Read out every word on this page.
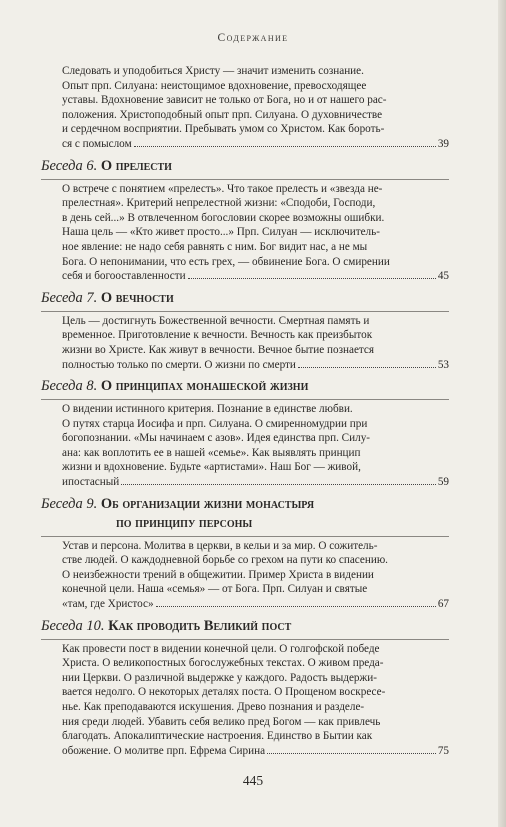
Содержание
Следовать и уподобиться Христу — значит изменить сознание.
Опыт прп. Силуана: неистощимое вдохновение, превосходящее
уставы. Вдохновение зависит не только от Бога, но и от нашего рас-
положения. Христоподобный опыт прп. Силуана. О духовничестве
и сердечном восприятии. Пребывать умом со Христом. Как бороть-
ся с помыслом	39
Беседа 6. О прелести
О встрече с понятием «прелесть». Что такое прелесть и «звезда не-
прелестная». Критерий непрелестной жизни: «Сподоби, Господи,
в день сей...» В отвлеченном богословии скорее возможны ошибки.
Наша цель — «Кто живет просто...» Прп. Силуан — исключитель-
ное явление: не надо себя равнять с ним. Бог видит нас, а не мы
Бога. О непонимании, что есть грех, — обвинение Бога. О смирении
себя и богооставленности	45
Беседа 7. О вечности
Цель — достигнуть Божественной вечности. Смертная память и
временное. Приготовление к вечности. Вечность как преизбыток
жизни во Христе. Как живут в вечности. Вечное бытие познается
полностью только по смерти. О жизни по смерти	53
Беседа 8. О принципах монашеской жизни
О видении истинного критерия. Познание в единстве любви.
О путях старца Иосифа и прп. Силуана. О смиренномудрии при
богопознании. «Мы начинаем с азов». Идея единства прп. Силу-
ана: как воплотить ее в нашей «семье». Как выявлять принцип
жизни и вдохновение. Будьте «артистами». Наш Бог — живой,
ипостасный	59
Беседа 9. Об организации жизни монастыря
по принципу персоны
Устав и персона. Молитва в церкви, в кельи и за мир. О сожитель-
стве людей. О каждодневной борьбе со грехом на пути ко спасению.
О неизбежности трений в общежитии. Пример Христа в видении
конечной цели. Наша «семья» — от Бога. Прп. Силуан и святые
«там, где Христос»	67
Беседа 10. Как проводить Великий пост
Как провести пост в видении конечной цели. О голгофской победе
Христа. О великопостных богослужебных текстах. О живом преда-
нии Церкви. О различной выдержке у каждого. Радость выдержи-
вается недолго. О некоторых деталях поста. О Прощеном воскресе-
нье. Как преподаваются искушения. Древо познания и разделе-
ния среди людей. Убавить себя велико пред Богом — как привлечь
благодать. Апокалиптические настроения. Единство в Бытии как
обожение. О молитве прп. Ефрема Сирина	75
445
